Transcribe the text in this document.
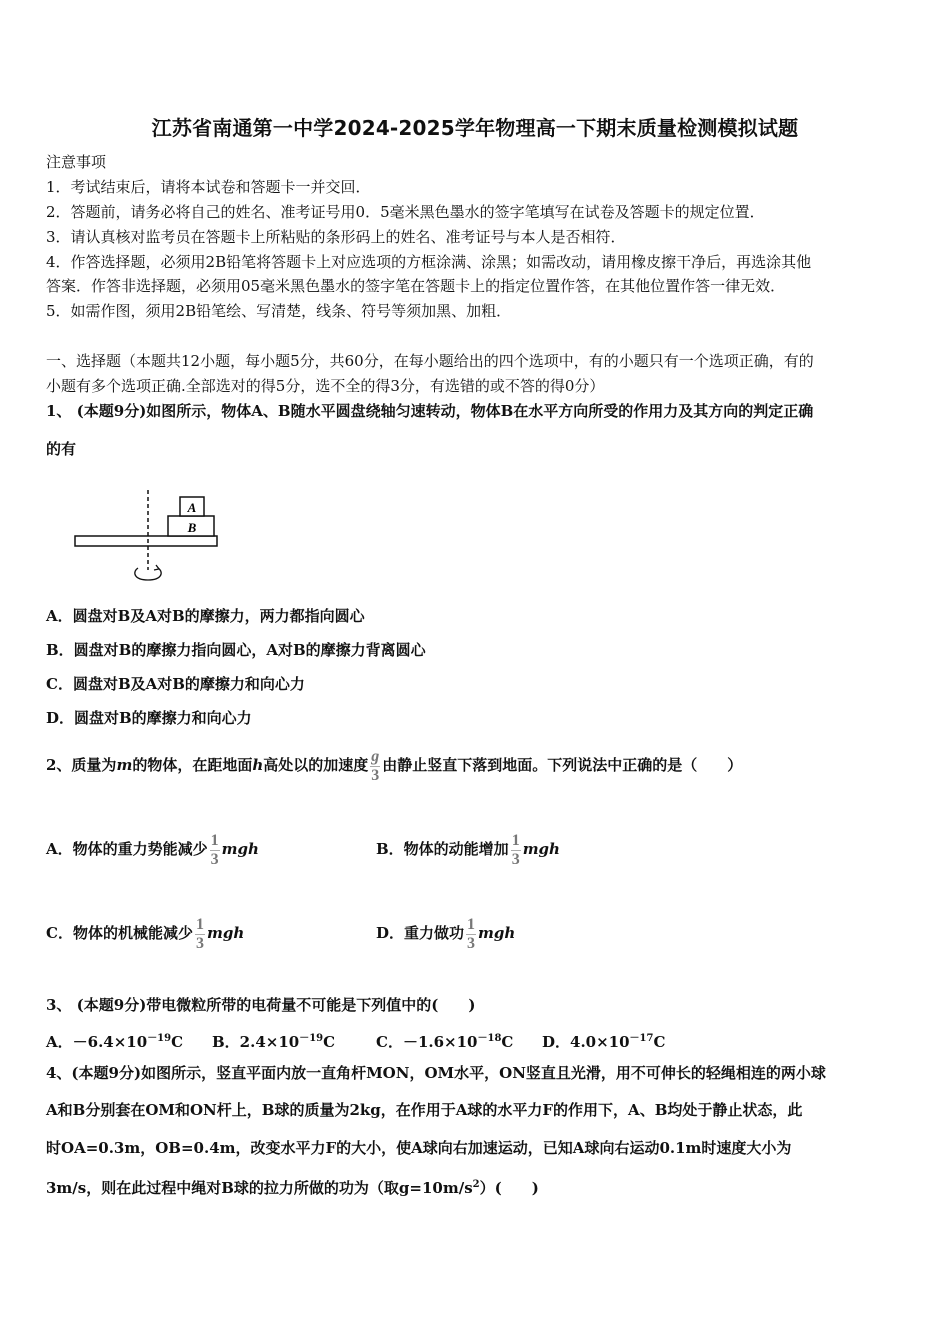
江苏省南通第一中学2024-2025学年物理高一下期末质量检测模拟试题
注意事项
1．考试结束后，请将本试卷和答题卡一并交回．
2．答题前，请务必将自己的姓名、准考证号用0．5毫米黑色墨水的签字笔填写在试卷及答题卡的规定位置．
3．请认真核对监考员在答题卡上所粘贴的条形码上的姓名、准考证号与本人是否相符．
4．作答选择题，必须用2B铅笔将答题卡上对应选项的方框涂满、涂黑；如需改动，请用橡皮擦干净后，再选涂其他
答案．作答非选择题，必须用05毫米黑色墨水的签字笔在答题卡上的指定位置作答，在其他位置作答一律无效．
5．如需作图，须用2B铅笔绘、写清楚，线条、符号等须加黑、加粗．
一、选择题（本题共12小题，每小题5分，共60分，在每小题给出的四个选项中，有的小题只有一个选项正确，有的
小题有多个选项正确.全部选对的得5分，选不全的得3分，有选错的或不答的得0分）
1、 (本题9分)如图所示，物体A、B随水平圆盘绕轴匀速转动，物体B在水平方向所受的作用力及其方向的判定正确
的有
A
B
A．圆盘对B及A对B的摩擦力，两力都指向圆心
B．圆盘对B的摩擦力指向圆心，A对B的摩擦力背离圆心
C．圆盘对B及A对B的摩擦力和向心力
D．圆盘对B的摩擦力和向心力
2、质量为m的物体，在距地面h高处以的加速度 $\frac{g}{3}$ 由静止竖直下落到地面。下列说法中正确的是（　　）
A．物体的重力势能减少 $\frac{1}{3}$ mgh	B．物体的动能增加 $\frac{1}{3}$ mgh
C．物体的机械能减少 $\frac{1}{3}$ mgh	D．重力做功 $\frac{1}{3}$ mgh
3、 (本题9分)带电微粒所带的电荷量不可能是下列值中的(　　)
A．$-6.4\times 10^{-19}C$ B．$2.4\times 10^{-19}C$	C．$-1.6\times 10^{-18}C$ D．$4.0\times 10^{-17}C$
4、(本题9分)如图所示，竖直平面内放一直角杆MON，OM水平，ON竖直且光滑，用不可伸长的轻绳相连的两小球
A和B分别套在OM和ON杆上，B球的质量为2kg，在作用于A球的水平力F的作用下，A、B均处于静止状态，此
时OA=0.3m，OB=0.4m，改变水平力F的大小，使A球向右加速运动，已知A球向右运动0.1m时速度大小为
3m/s，则在此过程中绳对B球的拉力所做的功为（取$g=10m/s^2$）(　　)
